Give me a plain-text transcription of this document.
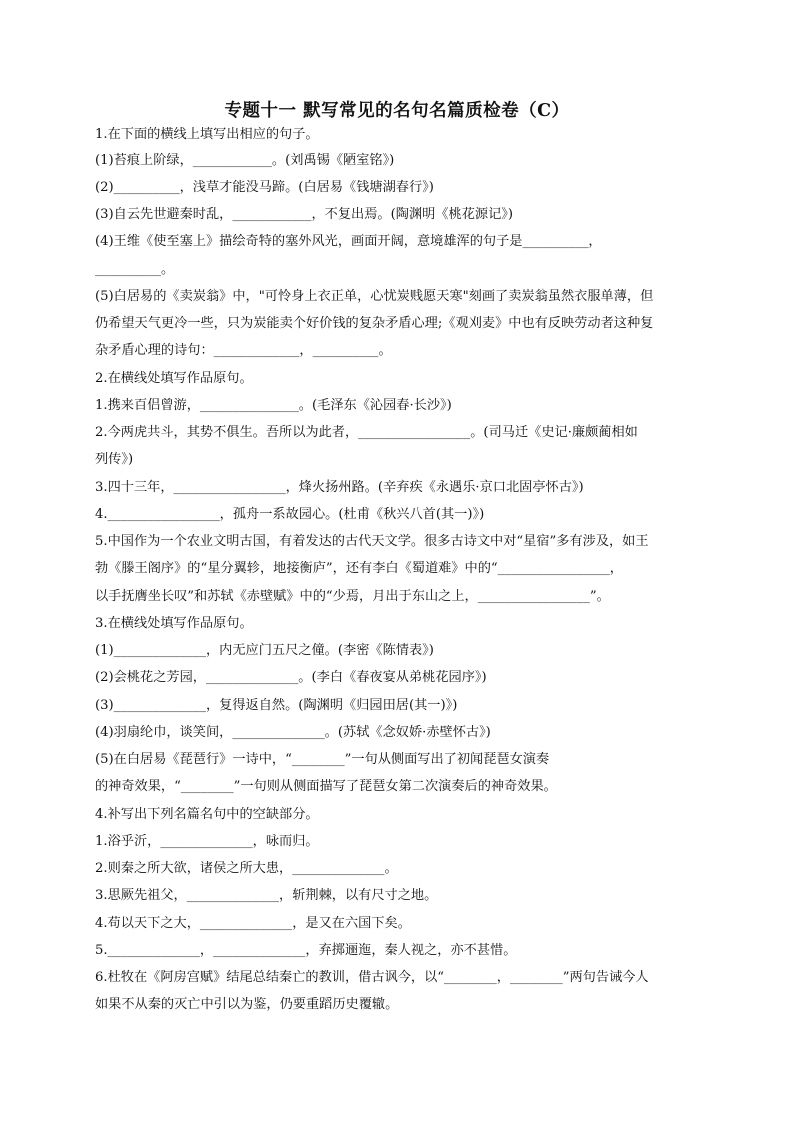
专题十一 默写常见的名句名篇质检卷（C）
1.在下面的横线上填写出相应的句子。
(1)苔痕上阶绿，____________。(刘禹锡《陋室铭》)
(2)__________，浅草才能没马蹄。(白居易《钱塘湖春行》)
(3)自云先世避秦时乱，____________，不复出焉。(陶渊明《桃花源记》)
(4)王维《使至塞上》描绘奇特的塞外风光，画面开阔，意境雄浑的句子是__________，
__________。
(5)白居易的《卖炭翁》中，"可怜身上衣正单，心忧炭贱愿天寒"刻画了卖炭翁虽然衣服单薄，但
仍希望天气更冷一些，只为炭能卖个好价钱的复杂矛盾心理;《观刈麦》中也有反映劳动者这种复
杂矛盾心理的诗句：_____________，__________。
2.在横线处填写作品原句。
1.携来百侣曾游，_______________。(毛泽东《沁园春·长沙》)
2.今两虎共斗，其势不俱生。吾所以为此者，_________________。(司马迁《史记·廉颇蔺相如
列传》)
3.四十三年，_________________，烽火扬州路。(辛弃疾《永遇乐·京口北固亭怀古》)
4._________________，孤舟一系故园心。(杜甫《秋兴八首(其一)》)
5.中国作为一个农业文明古国，有着发达的古代天文学。很多古诗文中对“星宿”多有涉及，如王
勃《滕王阁序》的“星分翼轸，地接衡庐”，还有李白《蜀道难》中的“_________________，
以手抚膺坐长叹”和苏轼《赤壁赋》中的“少焉，月出于东山之上，_________________”。
3.在横线处填写作品原句。
(1)______________，内无应门五尺之僮。(李密《陈情表》)
(2)会桃花之芳园，______________。(李白《春夜宴从弟桃花园序》)
(3)______________，复得返自然。(陶渊明《归园田居(其一)》)
(4)羽扇纶巾，谈笑间，______________。(苏轼《念奴娇·赤壁怀古》)
(5)在白居易《琵琶行》一诗中，“________”一句从侧面写出了初闻琵琶女演奏
的神奇效果，“________”一句则从侧面描写了琵琶女第二次演奏后的神奇效果。
4.补写出下列名篇名句中的空缺部分。
1.浴乎沂，______________，咏而归。
2.则秦之所大欲，诸侯之所大患，______________。
3.思厥先祖父，______________，斩荆棘，以有尺寸之地。
4.苟以天下之大，______________，是又在六国下矣。
5.______________，______________，弃掷逦迤，秦人视之，亦不甚惜。
6.杜牧在《阿房宫赋》结尾总结秦亡的教训，借古讽今，以“________，________”两句告诫今人
如果不从秦的灭亡中引以为鉴，仍要重蹈历史覆辙。
